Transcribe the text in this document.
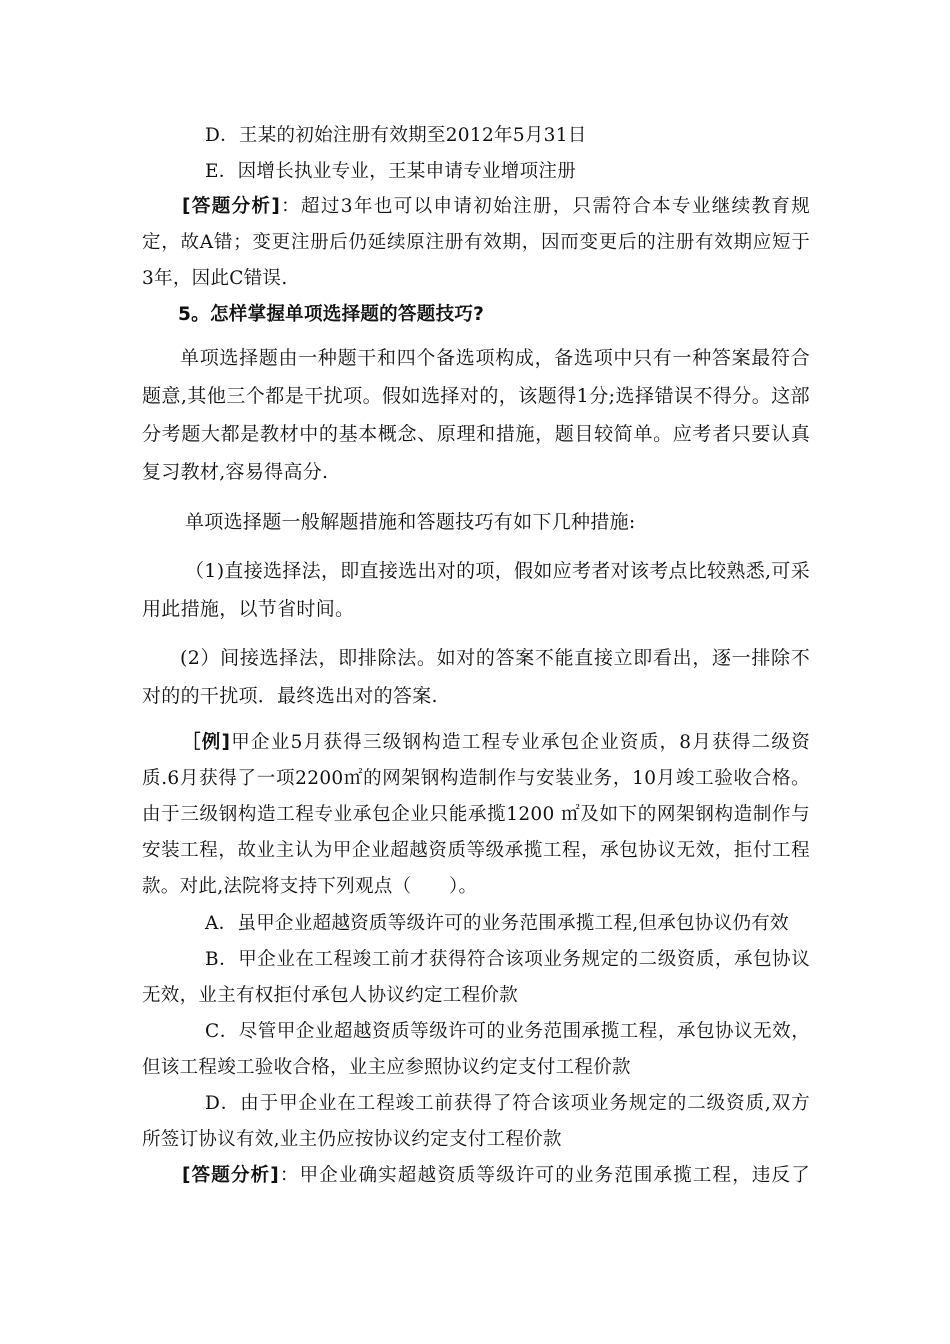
D．王某的初始注册有效期至2012年5月31日
E．因增长执业专业，王某申请专业增项注册
[答题分析]：超过3年也可以申请初始注册，只需符合本专业继续教育规
定，故A错；变更注册后仍延续原注册有效期，因而变更后的注册有效期应短于
3年，因此C错误.
5。怎样掌握单项选择题的答题技巧?
单项选择题由一种题干和四个备选项构成，备选项中只有一种答案最符合
题意,其他三个都是干扰项。假如选择对的，该题得1分;选择错误不得分。这部
分考题大都是教材中的基本概念、原理和措施，题目较简单。应考者只要认真
复习教材,容易得高分.
单项选择题一般解题措施和答题技巧有如下几种措施:
（1)直接选择法，即直接选出对的项，假如应考者对该考点比较熟悉,可采
用此措施，以节省时间。
(2）间接选择法，即排除法。如对的答案不能直接立即看出，逐一排除不
对的的干扰项．最终选出对的答案.
［例]甲企业5月获得三级钢构造工程专业承包企业资质，8月获得二级资
质.6月获得了一项2200㎡的网架钢构造制作与安装业务，10月竣工验收合格。
由于三级钢构造工程专业承包企业只能承揽1200 ㎡及如下的网架钢构造制作与
安装工程，故业主认为甲企业超越资质等级承揽工程，承包协议无效，拒付工程
款。对此,法院将支持下列观点（　　）。
A．虽甲企业超越资质等级许可的业务范围承揽工程,但承包协议仍有效
B．甲企业在工程竣工前才获得符合该项业务规定的二级资质，承包协议
无效，业主有权拒付承包人协议约定工程价款
C．尽管甲企业超越资质等级许可的业务范围承揽工程，承包协议无效，
但该工程竣工验收合格，业主应参照协议约定支付工程价款
D．由于甲企业在工程竣工前获得了符合该项业务规定的二级资质,双方
所签订协议有效,业主仍应按协议约定支付工程价款
[答题分析]：甲企业确实超越资质等级许可的业务范围承揽工程，违反了
